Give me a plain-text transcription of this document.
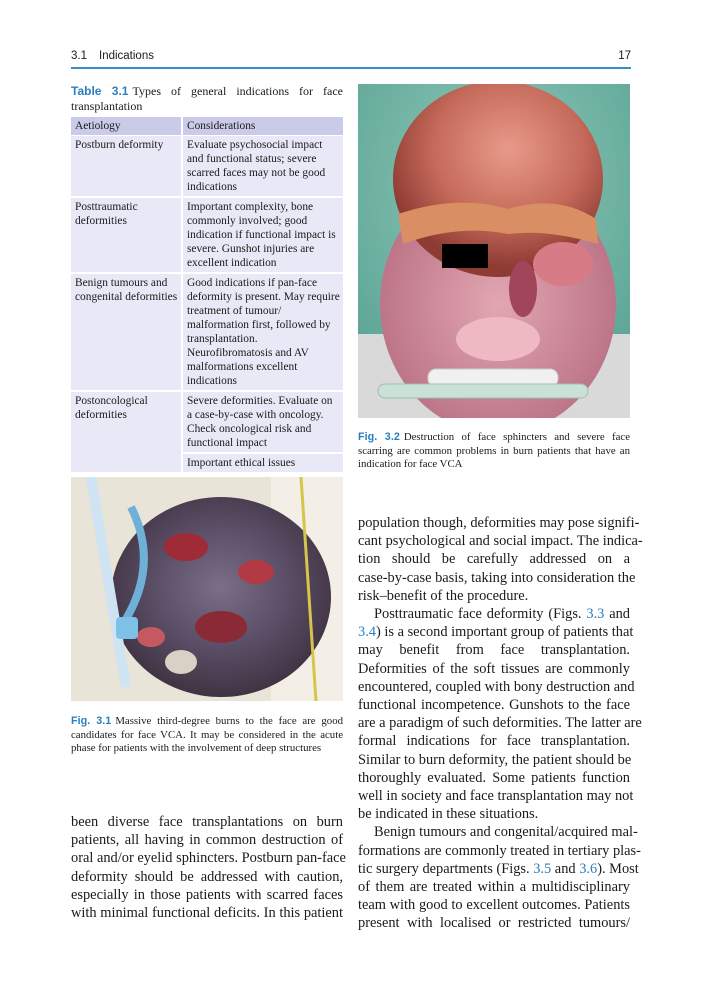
3.1 Indications	17
Table 3.1 Types of general indications for face transplantation
Aetiology	Considerations
Postburn deformity	Evaluate psychosocial impact and functional status; severe scarred faces may not be good indications
Posttraumatic deformities	Important complexity, bone commonly involved; good indication if functional impact is severe. Gunshot injuries are excellent indication
Benign tumours and congenital deformities	Good indications if pan-face deformity is present. May require treatment of tumour/ malformation first, followed by transplantation. Neurofibromatosis and AV malformations excellent indications
Postoncological deformities	Severe deformities. Evaluate on a case-by-case with oncology. Check oncological risk and functional impact
	Important ethical issues
Fig. 3.2 Destruction of face sphincters and severe face scarring are common problems in burn patients that have an indication for face VCA
Fig. 3.1 Massive third-degree burns to the face are good candidates for face VCA. It may be considered in the acute phase for patients with the involvement of deep structures
been diverse face transplantations on burn
patients, all having in common destruction of
oral and/or eyelid sphincters. Postburn pan-face
deformity should be addressed with caution,
especially in those patients with scarred faces
with minimal functional deficits. In this patient
population though, deformities may pose signifi-
cant psychological and social impact. The indica-
tion should be carefully addressed on a
case-by-case basis, taking into consideration the
risk–benefit of the procedure.
Posttraumatic face deformity (Figs. 3.3 and
3.4) is a second important group of patients that
may benefit from face transplantation.
Deformities of the soft tissues are commonly
encountered, coupled with bony destruction and
functional incompetence. Gunshots to the face
are a paradigm of such deformities. The latter are
formal indications for face transplantation.
Similar to burn deformity, the patient should be
thoroughly evaluated. Some patients function
well in society and face transplantation may not
be indicated in these situations.
Benign tumours and congenital/acquired mal-
formations are commonly treated in tertiary plas-
tic surgery departments (Figs. 3.5 and 3.6). Most
of them are treated within a multidisciplinary
team with good to excellent outcomes. Patients
present with localised or restricted tumours/
